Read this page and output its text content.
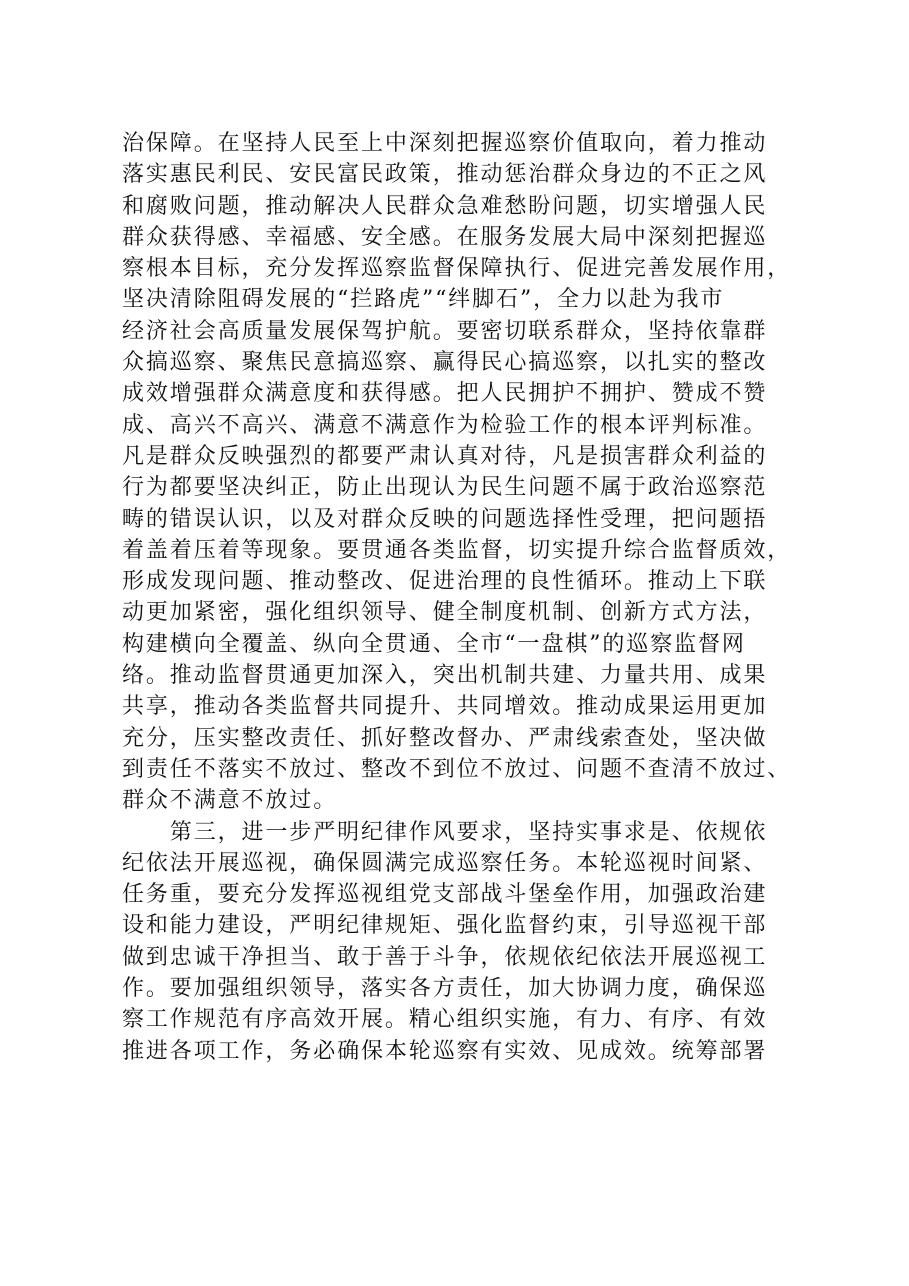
治保障。在坚持人民至上中深刻把握巡察价值取向，着力推动
落实惠民利民、安民富民政策，推动惩治群众身边的不正之风
和腐败问题，推动解决人民群众急难愁盼问题，切实增强人民
群众获得感、幸福感、安全感。在服务发展大局中深刻把握巡
察根本目标，充分发挥巡察监督保障执行、促进完善发展作用，
坚决清除阻碍发展的“拦路虎”“绊脚石”，全力以赴为我市
经济社会高质量发展保驾护航。要密切联系群众，坚持依靠群
众搞巡察、聚焦民意搞巡察、赢得民心搞巡察，以扎实的整改
成效增强群众满意度和获得感。把人民拥护不拥护、赞成不赞
成、高兴不高兴、满意不满意作为检验工作的根本评判标准。
凡是群众反映强烈的都要严肃认真对待，凡是损害群众利益的
行为都要坚决纠正，防止出现认为民生问题不属于政治巡察范
畴的错误认识，以及对群众反映的问题选择性受理，把问题捂
着盖着压着等现象。要贯通各类监督，切实提升综合监督质效，
形成发现问题、推动整改、促进治理的良性循环。推动上下联
动更加紧密，强化组织领导、健全制度机制、创新方式方法，
构建横向全覆盖、纵向全贯通、全市“一盘棋”的巡察监督网
络。推动监督贯通更加深入，突出机制共建、力量共用、成果
共享，推动各类监督共同提升、共同增效。推动成果运用更加
充分，压实整改责任、抓好整改督办、严肃线索查处，坚决做
到责任不落实不放过、整改不到位不放过、问题不查清不放过、
群众不满意不放过。
　　第三，进一步严明纪律作风要求，坚持实事求是、依规依
纪依法开展巡视，确保圆满完成巡察任务。本轮巡视时间紧、
任务重，要充分发挥巡视组党支部战斗堡垒作用，加强政治建
设和能力建设，严明纪律规矩、强化监督约束，引导巡视干部
做到忠诚干净担当、敢于善于斗争，依规依纪依法开展巡视工
作。要加强组织领导，落实各方责任，加大协调力度，确保巡
察工作规范有序高效开展。精心组织实施，有力、有序、有效
推进各项工作，务必确保本轮巡察有实效、见成效。统筹部署
